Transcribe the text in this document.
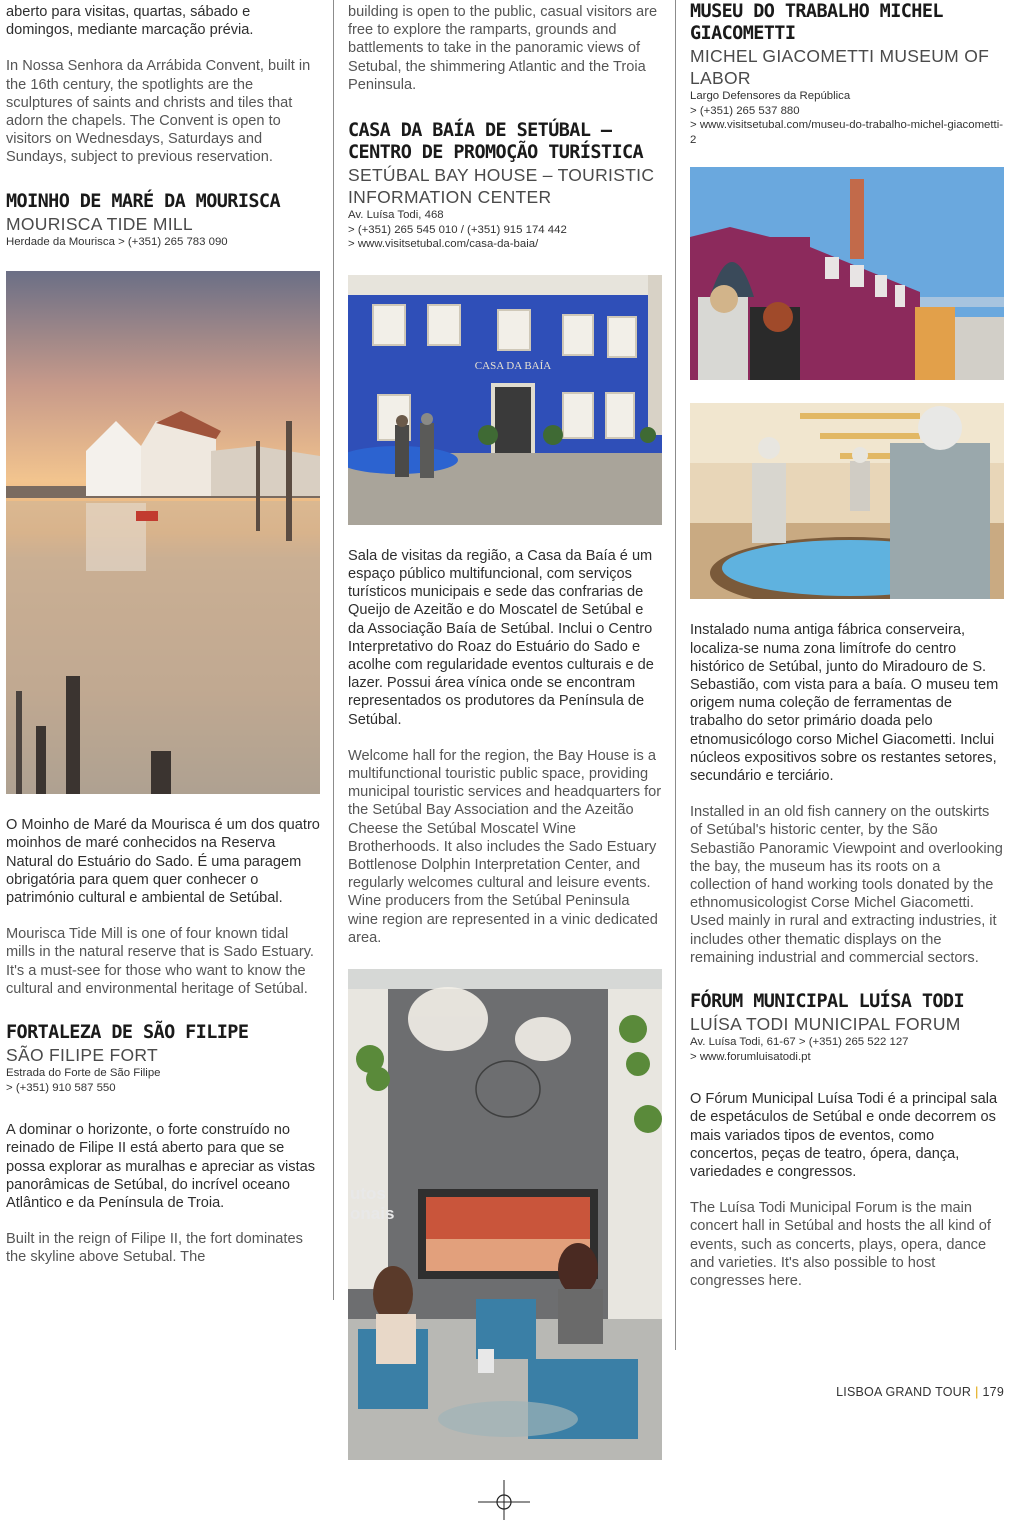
aberto para visitas, quartas, sábado e domingos, mediante marcação prévia.

In Nossa Senhora da Arrábida Convent, built in the 16th century, the spotlights are the sculptures of saints and christs and tiles that adorn the chapels. The Convent is open to visitors on Wednesdays, Saturdays and Sundays, subject to previous reservation.

MOINHO DE MARÉ DA MOURISCA
MOURISCA TIDE MILL

Herdade da Mourisca > (+351) 265 783 090

O Moinho de Maré da Mourisca é um dos quatro moinhos de maré conhecidos na Reserva Natural do Estuário do Sado. É uma paragem obrigatória para quem quer conhecer o património cultural e ambiental de Setúbal.

Mourisca Tide Mill is one of four known tidal mills in the natural reserve that is Sado Estuary. It's a must-see for those who want to know the cultural and environmental heritage of Setúbal.

FORTALEZA DE SÃO FILIPE
SÃO FILIPE FORT

Estrada do Forte de São Filipe

> (+351) 910 587 550

A dominar o horizonte, o forte construído no reinado de Filipe II está aberto para que se possa explorar as muralhas e apreciar as vistas panorâmicas de Setúbal, do incrível oceano Atlântico e da Península de Troia.

Built in the reign of Filipe II, the fort dominates the skyline above Setubal. The

building is open to the public, casual visitors are free to explore the ramparts, grounds and battlements to take in the panoramic views of Setubal, the shimmering Atlantic and the Troia Peninsula.

CASA DA BAÍA DE SETÚBAL – CENTRO DE PROMOÇÃO TURÍSTICA
SETÚBAL BAY HOUSE – TOURISTIC INFORMATION CENTER

Av. Luísa Todi, 468

> (+351) 265 545 010 / (+351) 915 174 442

> www.visitsetubal.com/casa-da-baia/

CASA DA BAÍA

Sala de visitas da região, a Casa da Baía é um espaço público multifuncional, com serviços turísticos municipais e sede das confrarias de Queijo de Azeitão e do Moscatel de Setúbal e da Associação Baía de Setúbal. Inclui o Centro Interpretativo do Roaz do Estuário do Sado e acolhe com regularidade eventos culturais e de lazer. Possui área vínica onde se encontram representados os produtores da Península de Setúbal.

Welcome hall for the region, the Bay House is a multifunctional touristic public space, providing municipal touristic services and headquarters for the Setúbal Bay Association and the Azeitão Cheese the Setúbal Moscatel Wine Brotherhoods. It also includes the Sado Estuary Bottlenose Dolphin Interpretation Center, and regularly welcomes cultural and leisure events. Wine producers from the Setúbal Peninsula wine region are represented in a vinic dedicated area.

utos
onais
MUSEU DO TRABALHO MICHEL GIACOMETTI
MICHEL GIACOMETTI MUSEUM OF LABOR

Largo Defensores da República

> (+351) 265 537 880

> www.visitsetubal.com/museu-do-trabalho-michel-giacometti-2

Instalado numa antiga fábrica conserveira, localiza-se numa zona limítrofe do centro histórico de Setúbal, junto do Miradouro de S. Sebastião, com vista para a baía. O museu tem origem numa coleção de ferramentas de trabalho do setor primário doada pelo etnomusicólogo corso Michel Giacometti. Inclui núcleos expositivos sobre os restantes setores, secundário e terciário.

Installed in an old fish cannery on the outskirts of Setúbal's historic center, by the São Sebastião Panoramic Viewpoint and overlooking the bay, the museum has its roots on a collection of hand working tools donated by the ethnomusicologist Corse Michel Giacometti. Used mainly in rural and extracting industries, it includes other thematic displays on the remaining industrial and commercial sectors.

FÓRUM MUNICIPAL LUÍSA TODI
LUÍSA TODI MUNICIPAL FORUM

Av. Luísa Todi, 61-67 > (+351) 265 522 127

> www.forumluisatodi.pt

O Fórum Municipal Luísa Todi é a principal sala de espetáculos de Setúbal e onde decorrem os mais variados tipos de eventos, como concertos, peças de teatro, ópera, dança, variedades e congressos.

The Luísa Todi Municipal Forum is the main concert hall in Setúbal and hosts the all kind of events, such as concerts, plays, opera, dance and varieties. It's also possible to host congresses here.

LISBOA GRAND TOUR | 179
